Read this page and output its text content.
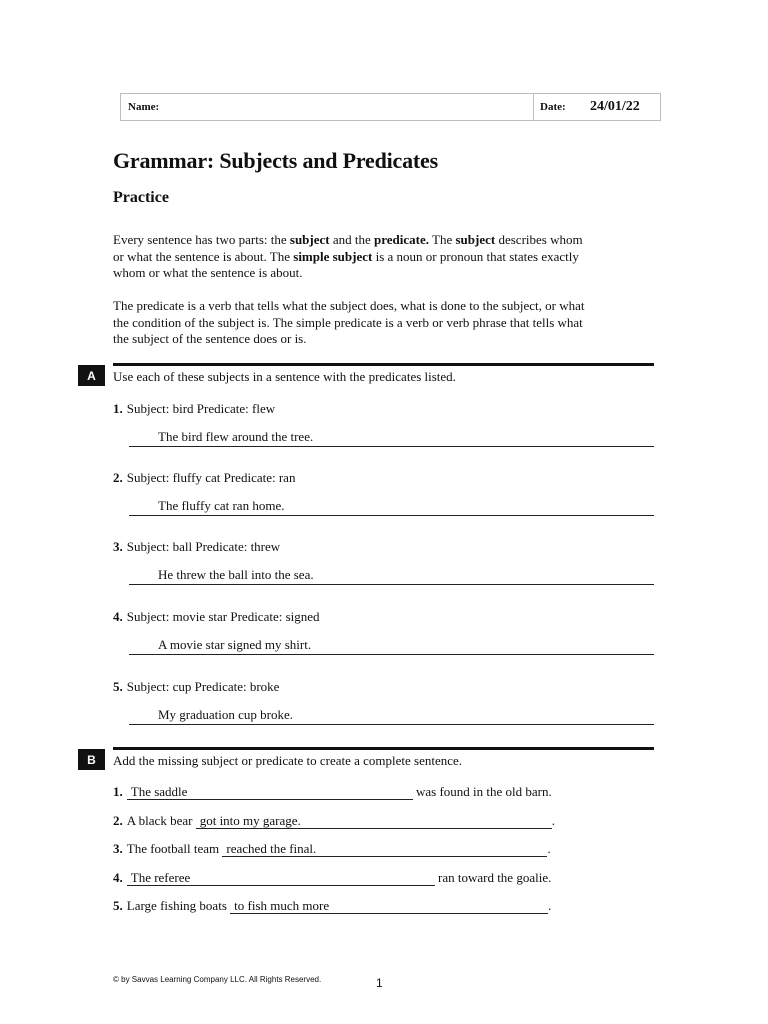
Name:	Date: 24/01/22
Grammar: Subjects and Predicates
Practice
Every sentence has two parts: the subject and the predicate. The subject describes whom or what the sentence is about. The simple subject is a noun or pronoun that states exactly whom or what the sentence is about.
The predicate is a verb that tells what the subject does, what is done to the subject, or what the condition of the subject is. The simple predicate is a verb or verb phrase that tells what the subject of the sentence does or is.
A	Use each of these subjects in a sentence with the predicates listed.
1. Subject: bird Predicate: flew
The bird flew around the tree.
2. Subject: fluffy cat Predicate: ran
The fluffy cat ran home.
3. Subject: ball Predicate: threw
He threw the ball into the sea.
4. Subject: movie star Predicate: signed
A movie star signed my shirt.
5. Subject: cup Predicate: broke
My graduation cup broke.
B	Add the missing subject or predicate to create a complete sentence.
1. The saddle	was found in the old barn.
2. A black bear got into my garage.	.
3. The football team reached the final.	.
4. The referee	ran toward the goalie.
5. Large fishing boats to fish much more	.
© by Savvas Learning Company LLC. All Rights Reserved.	1
